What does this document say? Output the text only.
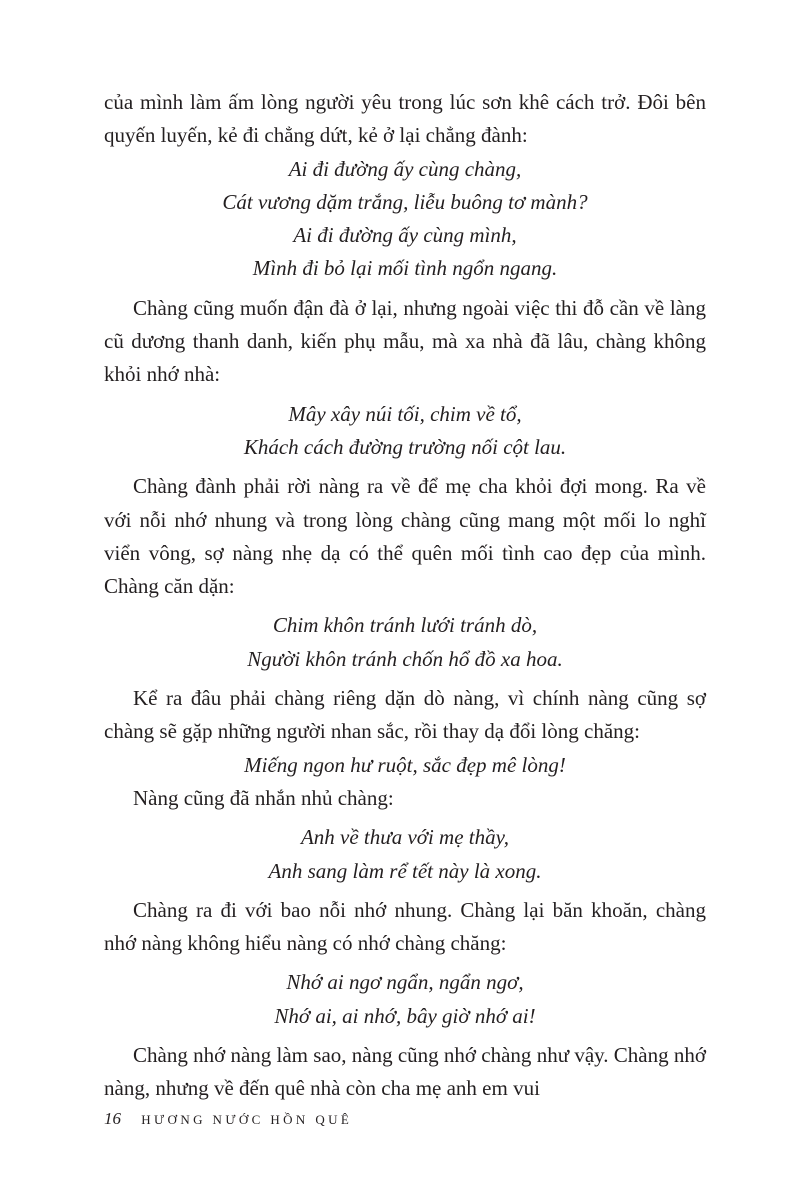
của mình làm ấm lòng người yêu trong lúc sơn khê cách trở. Đôi bên quyến luyến, kẻ đi chẳng dứt, kẻ ở lại chẳng đành:

Ai đi đường ấy cùng chàng,
Cát vương dặm trắng, liễu buông tơ mành?
Ai đi đường ấy cùng mình,
Mình đi bỏ lại mối tình ngổn ngang.

Chàng cũng muốn đận đà ở lại, nhưng ngoài việc thi đỗ cần về làng cũ dương thanh danh, kiến phụ mẫu, mà xa nhà đã lâu, chàng không khỏi nhớ nhà:

Mây xây núi tối, chim về tổ,
Khách cách đường trường nối cột lau.

Chàng đành phải rời nàng ra về để mẹ cha khỏi đợi mong. Ra về với nỗi nhớ nhung và trong lòng chàng cũng mang một mối lo nghĩ viển vông, sợ nàng nhẹ dạ có thể quên mối tình cao đẹp của mình. Chàng căn dặn:

Chim khôn tránh lưới tránh dò,
Người khôn tránh chốn hổ đồ xa hoa.

Kể ra đâu phải chàng riêng dặn dò nàng, vì chính nàng cũng sợ chàng sẽ gặp những người nhan sắc, rồi thay dạ đổi lòng chăng:

Miếng ngon hư ruột, sắc đẹp mê lòng!

Nàng cũng đã nhắn nhủ chàng:

Anh về thưa với mẹ thầy,
Anh sang làm rể tết này là xong.

Chàng ra đi với bao nỗi nhớ nhung. Chàng lại băn khoăn, chàng nhớ nàng không hiểu nàng có nhớ chàng chăng:

Nhớ ai ngơ ngẩn, ngẩn ngơ,
Nhớ ai, ai nhớ, bây giờ nhớ ai!

Chàng nhớ nàng làm sao, nàng cũng nhớ chàng như vậy. Chàng nhớ nàng, nhưng về đến quê nhà còn cha mẹ anh em vui

16 HƯƠNG NƯỚC HỒN QUÊ
